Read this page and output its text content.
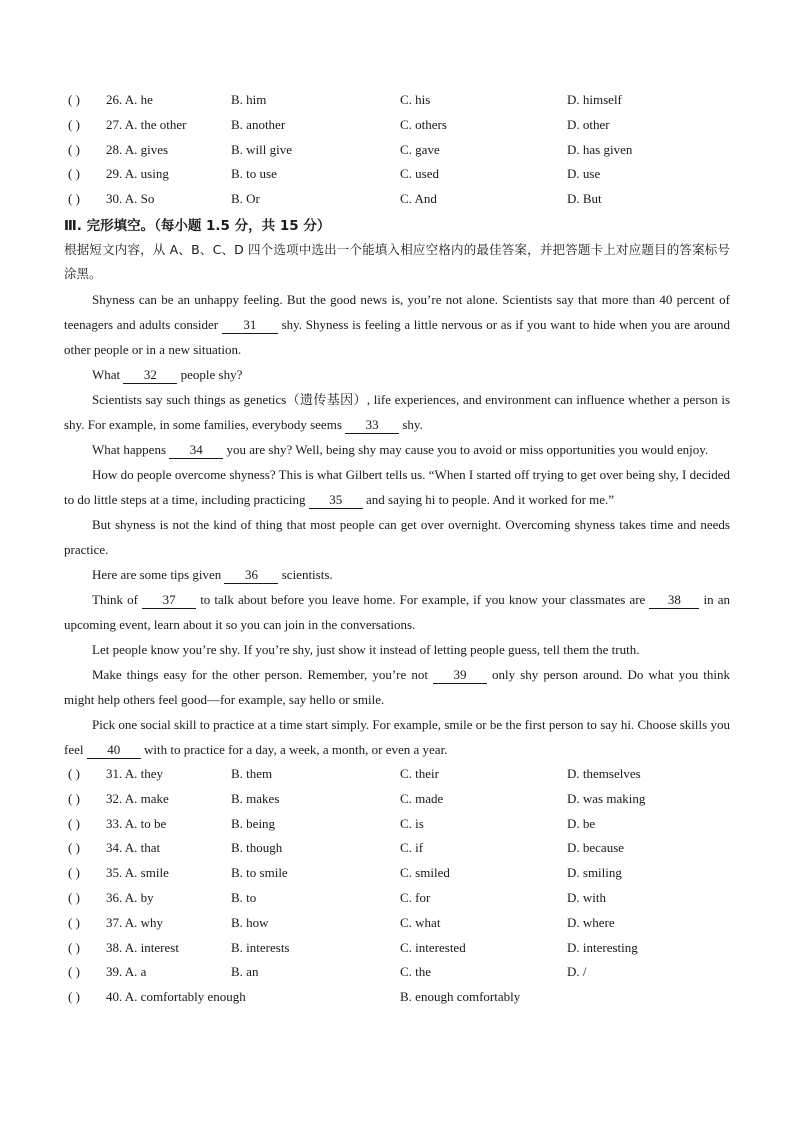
( ) 26. A. he	B. him	C. his	D. himself
( ) 27. A. the other	B. another	C. others	D. other
( ) 28. A. gives	B. will give	C. gave	D. has given
( ) 29. A. using	B. to use	C. used	D. use
( ) 30. A. So	B. Or	C. And	D. But
Ⅲ. 完形填空。（每小题 1.5 分，共 15 分）
根据短文内容，从 A、B、C、D 四个选项中选出一个能填入相应空格内的最佳答案，并把答题卡上对应题目的答案标号涂黑。

Shyness can be an unhappy feeling. But the good news is, you’re not alone. Scientists say that more than 40 percent of teenagers and adults consider 31 shy. Shyness is feeling a little nervous or as if you want to hide when you are around other people or in a new situation.

What 32 people shy?

Scientists say such things as genetics（遗传基因）, life experiences, and environment can influence whether a person is shy. For example, in some families, everybody seems 33 shy.

What happens 34 you are shy? Well, being shy may cause you to avoid or miss opportunities you would enjoy.

How do people overcome shyness? This is what Gilbert tells us. “When I started off trying to get over being shy, I decided to do little steps at a time, including practicing 35 and saying hi to people. And it worked for me.”

But shyness is not the kind of thing that most people can get over overnight. Overcoming shyness takes time and needs practice.

Here are some tips given 36 scientists.

Think of 37 to talk about before you leave home. For example, if you know your classmates are 38 in an upcoming event, learn about it so you can join in the conversations.

Let people know you’re shy. If you’re shy, just show it instead of letting people guess, tell them the truth.

Make things easy for the other person. Remember, you’re not 39 only shy person around. Do what you think might help others feel good—for example, say hello or smile.

Pick one social skill to practice at a time start simply. For example, smile or be the first person to say hi. Choose skills you feel 40 with to practice for a day, a week, a month, or even a year.

( ) 31. A. they	B. them	C. their	D. themselves
( ) 32. A. make	B. makes	C. made	D. was making
( ) 33. A. to be	B. being	C. is	D. be
( ) 34. A. that	B. though	C. if	D. because
( ) 35. A. smile	B. to smile	C. smiled	D. smiling
( ) 36. A. by	B. to	C. for	D. with
( ) 37. A. why	B. how	C. what	D. where
( ) 38. A. interest	B. interests	C. interested	D. interesting
( ) 39. A. a	B. an	C. the	D. /
( ) 40. A. comfortably enough	B. enough comfortably
